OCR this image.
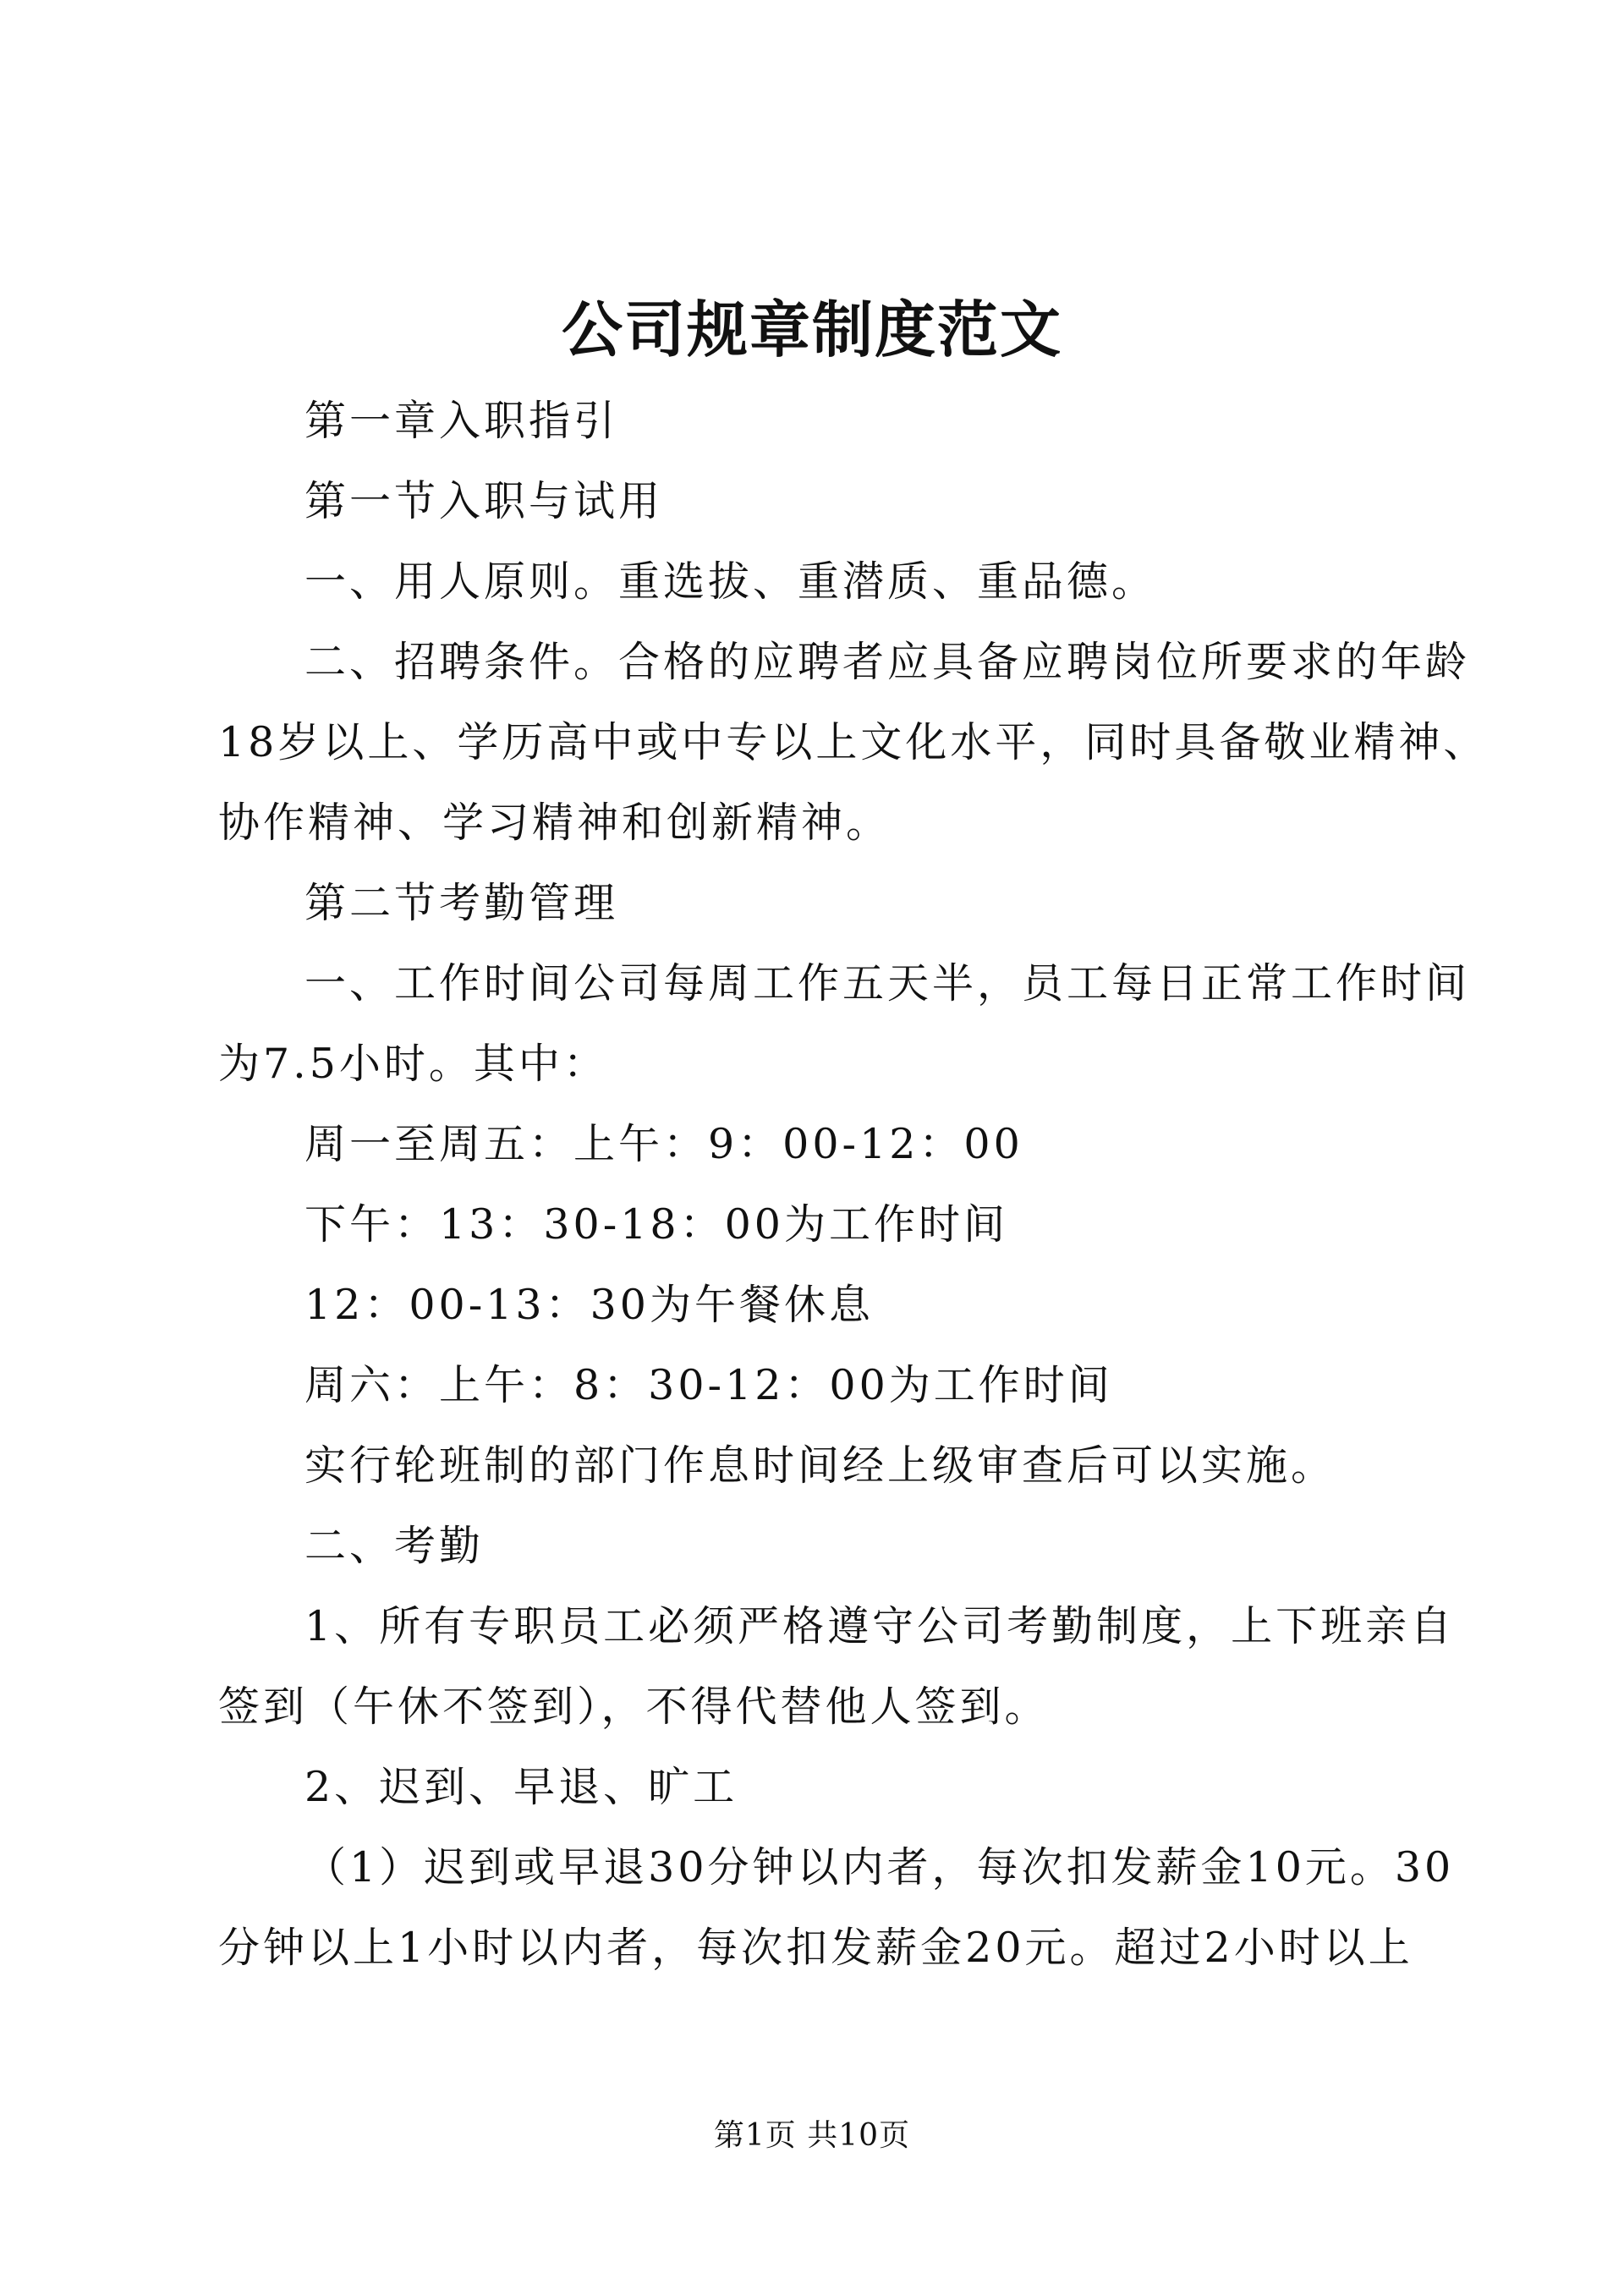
公司规章制度范文
第一章入职指引
第一节入职与试用
一、用人原则。重选拔、重潜质、重品德。
二、招聘条件。合格的应聘者应具备应聘岗位所要求的年龄
18岁以上、学历高中或中专以上文化水平，同时具备敬业精神、
协作精神、学习精神和创新精神。
第二节考勤管理
一、工作时间公司每周工作五天半，员工每日正常工作时间
为7.5小时。其中：
周一至周五：上午：9：00-12：00
下午：13：30-18：00为工作时间
12：00-13：30为午餐休息
周六：上午：8：30-12：00为工作时间
实行轮班制的部门作息时间经上级审查后可以实施。
二、考勤
1、所有专职员工必须严格遵守公司考勤制度，上下班亲自
签到（午休不签到），不得代替他人签到。
2、迟到、早退、旷工
（1）迟到或早退30分钟以内者，每次扣发薪金10元。30
分钟以上1小时以内者，每次扣发薪金20元。超过2小时以上
第1页 共10页
